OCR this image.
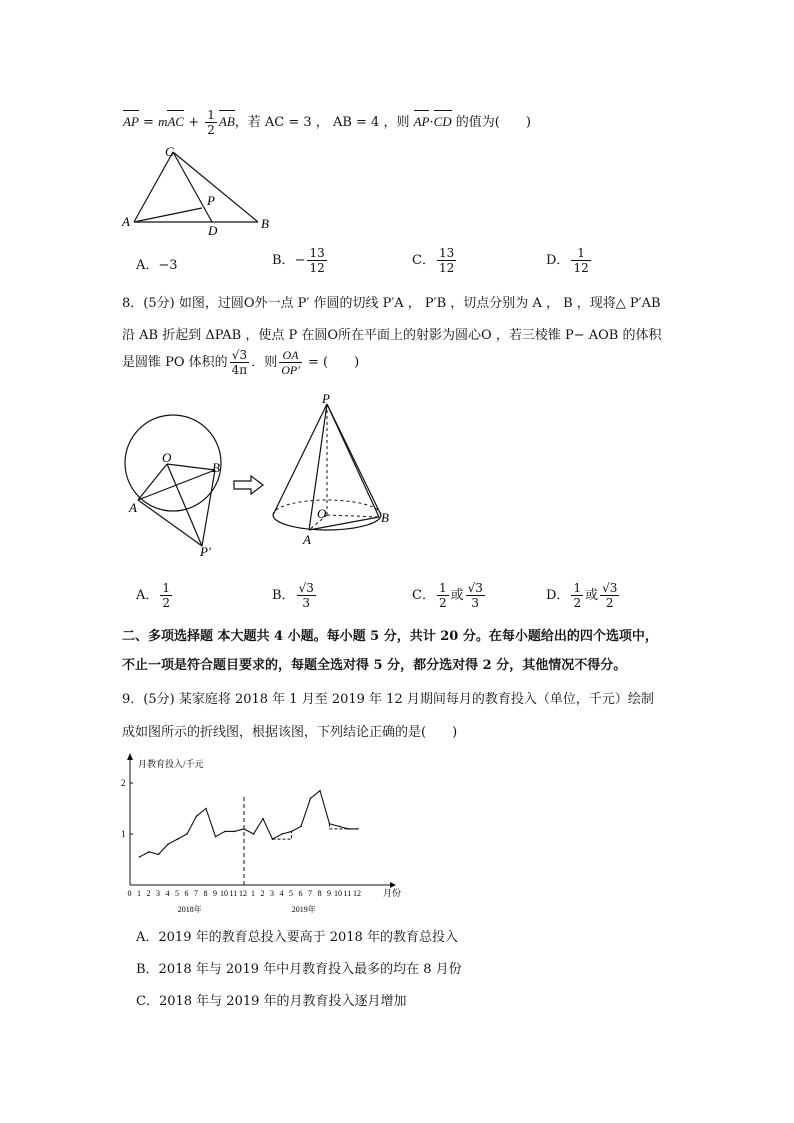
AP = mAC + $\frac{1}{2}$ AB，若 AC = 3 ， AB = 4 ，则 AP·CD 的值为(　　)
C
P
A
D	B
A．−3	B．− $\frac{13}{12}$	C． $\frac{13}{12}$	D． $\frac{1}{12}$
8．(5分) 如图，过圆O外一点 P′ 作圆的切线 P′A ， P′B ，切点分别为 A ， B ，现将△ P′AB
沿 AB 折起到 ΔPAB ，使点 P 在圆O所在平面上的射影为圆心O ，若三棱锥 P− AOB 的体积
是圆锥 PO 体积的 $\frac{√3}{4\pi}$ ．则 $\frac{OA}{OP'}$ = (　　)
O
B
A
P′
P
O	B
A
A． $\frac{1}{2}$	B． $\frac{√3}{3}$	C． $\frac{1}{2}$ 或 $\frac{√3}{3}$	D． $\frac{1}{2}$ 或 $\frac{√3}{2}$
二、多项选择题 本大题共 4 小题。每小题 5 分，共计 20 分。在每小题给出的四个选项中，
不止一项是符合题目要求的，每题全选对得 5 分，都分选对得 2 分，其他情况不得分。
9．(5分) 某家庭将 2018 年 1 月至 2019 年 12 月期间每月的教育投入（单位，千元）绘制
成如图所示的折线图，根据该图，下列结论正确的是(　　)
月教育投入/千元
月份
1
2
0 1 2 3 4 5 6 7 8 9 10 11 12 1 2 3 4 5 6 7 8 9 10 11 12
2018年	2019年
A．2019 年的教育总投入要高于 2018 年的教育总投入
B．2018 年与 2019 年中月教育投入最多的均在 8 月份
C．2018 年与 2019 年的月教育投入逐月增加
